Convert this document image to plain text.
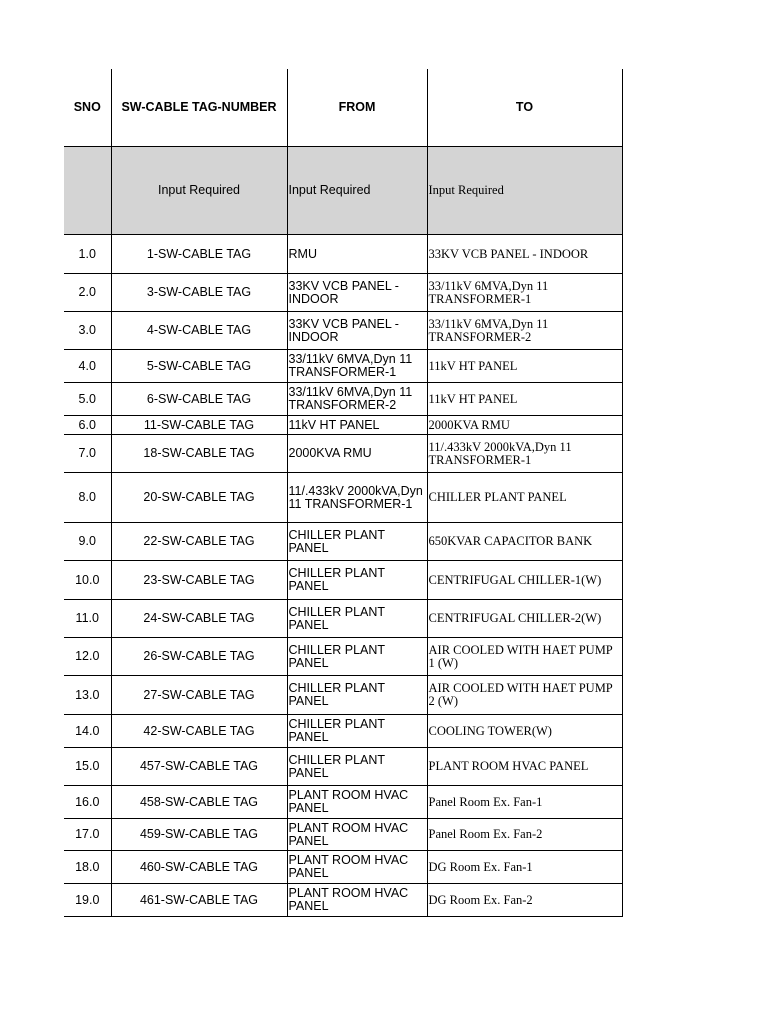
SNO	SW-CABLE TAG-NUMBER	FROM	TO
	Input Required	Input Required	Input Required
1.0	1-SW-CABLE TAG	RMU	33KV VCB PANEL - INDOOR
2.0	3-SW-CABLE TAG	33KV VCB PANEL - INDOOR	33/11kV 6MVA,Dyn 11 TRANSFORMER-1
3.0	4-SW-CABLE TAG	33KV VCB PANEL - INDOOR	33/11kV 6MVA,Dyn 11 TRANSFORMER-2
4.0	5-SW-CABLE TAG	33/11kV 6MVA,Dyn 11 TRANSFORMER-1	11kV HT PANEL
5.0	6-SW-CABLE TAG	33/11kV 6MVA,Dyn 11 TRANSFORMER-2	11kV HT PANEL
6.0	11-SW-CABLE TAG	11kV HT PANEL	2000KVA RMU
7.0	18-SW-CABLE TAG	2000KVA RMU	11/.433kV 2000kVA,Dyn 11 TRANSFORMER-1
8.0	20-SW-CABLE TAG	11/.433kV 2000kVA,Dyn 11 TRANSFORMER-1	CHILLER PLANT PANEL
9.0	22-SW-CABLE TAG	CHILLER PLANT PANEL	650KVAR CAPACITOR BANK
10.0	23-SW-CABLE TAG	CHILLER PLANT PANEL	CENTRIFUGAL CHILLER-1(W)
11.0	24-SW-CABLE TAG	CHILLER PLANT PANEL	CENTRIFUGAL CHILLER-2(W)
12.0	26-SW-CABLE TAG	CHILLER PLANT PANEL	AIR COOLED WITH HAET PUMP 1 (W)
13.0	27-SW-CABLE TAG	CHILLER PLANT PANEL	AIR COOLED WITH HAET PUMP 2 (W)
14.0	42-SW-CABLE TAG	CHILLER PLANT PANEL	COOLING TOWER(W)
15.0	457-SW-CABLE TAG	CHILLER PLANT PANEL	PLANT ROOM HVAC PANEL
16.0	458-SW-CABLE TAG	PLANT ROOM HVAC PANEL	Panel Room Ex. Fan-1
17.0	459-SW-CABLE TAG	PLANT ROOM HVAC PANEL	Panel Room Ex. Fan-2
18.0	460-SW-CABLE TAG	PLANT ROOM HVAC PANEL	DG Room Ex. Fan-1
19.0	461-SW-CABLE TAG	PLANT ROOM HVAC PANEL	DG Room Ex. Fan-2
